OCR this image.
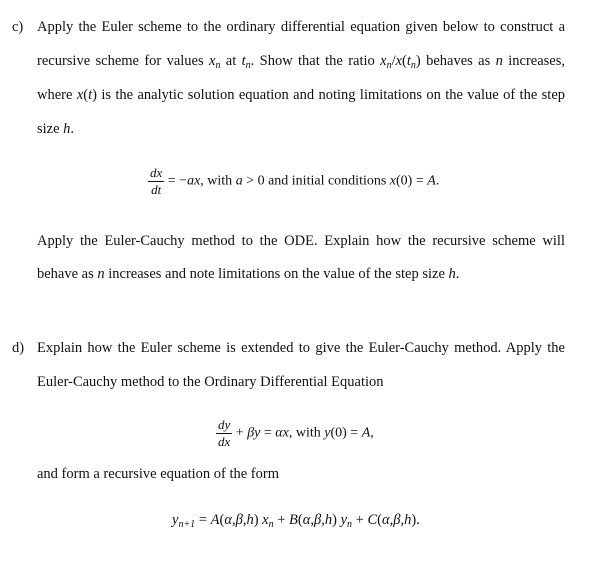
c) Apply the Euler scheme to the ordinary differential equation given below to construct a
recursive scheme for values $x_n$ at $t_n$. Show that the ratio $x_n/x(t_n)$ behaves as n increases,
where x(t) is the analytic solution equation and noting limitations on the value of the step
size h.
$\frac{dx}{dt} = -ax$, with a > 0 and initial conditions x(0) = A.
Apply the Euler-Cauchy method to the ODE. Explain how the recursive scheme will
behave as n increases and note limitations on the value of the step size h.
d) Explain how the Euler scheme is extended to give the Euler-Cauchy method. Apply the
Euler-Cauchy method to the Ordinary Differential Equation
$\frac{dy}{dx} + \beta y = \alpha x$, with y(0) = A,
and form a recursive equation of the form
$y_{n+1} = A(\alpha,\beta,h) x_n + B(\alpha,\beta,h) y_n + C(\alpha,\beta,h)$.
